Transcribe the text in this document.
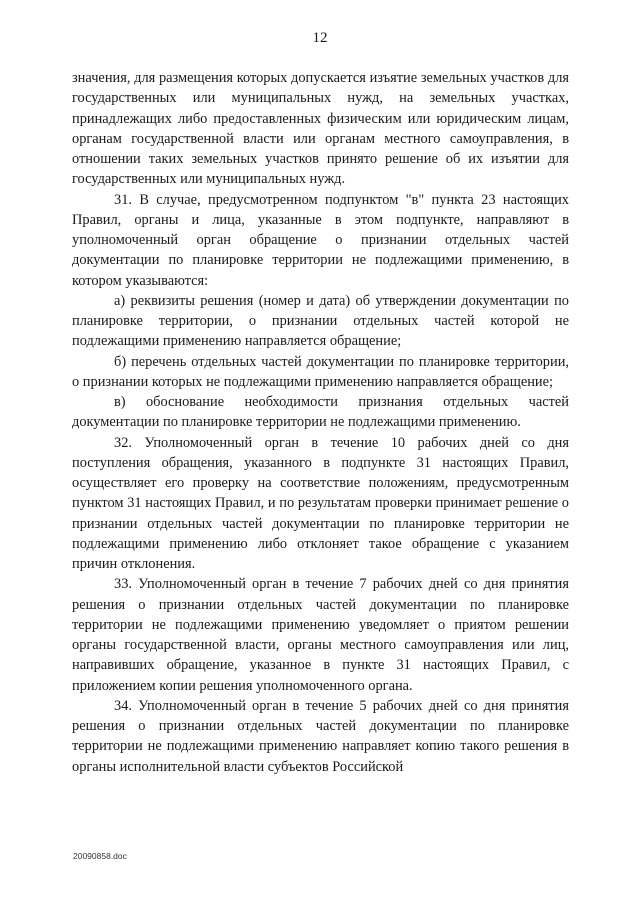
12

значения, для размещения которых допускается изъятие земельных участков для государственных или муниципальных нужд, на земельных участках, принадлежащих либо предоставленных физическим или юридическим лицам, органам государственной власти или органам местного самоуправления, в отношении таких земельных участков принято решение об их изъятии для государственных или муниципальных нужд.

31. В случае, предусмотренном подпунктом "в" пункта 23 настоящих Правил, органы и лица, указанные в этом подпункте, направляют в уполномоченный орган обращение о признании отдельных частей документации по планировке территории не подлежащими применению, в котором указываются:

а) реквизиты решения (номер и дата) об утверждении документации по планировке территории, о признании отдельных частей которой не подлежащими применению направляется обращение;

б) перечень отдельных частей документации по планировке территории, о признании которых не подлежащими применению направляется обращение;

в) обоснование необходимости признания отдельных частей документации по планировке территории не подлежащими применению.

32. Уполномоченный орган в течение 10 рабочих дней со дня поступления обращения, указанного в подпункте 31 настоящих Правил, осуществляет его проверку на соответствие положениям, предусмотренным пунктом 31 настоящих Правил, и по результатам проверки принимает решение о признании отдельных частей документации по планировке территории не подлежащими применению либо отклоняет такое обращение с указанием причин отклонения.

33. Уполномоченный орган в течение 7 рабочих дней со дня принятия решения о признании отдельных частей документации по планировке территории не подлежащими применению уведомляет о приятом решении органы государственной власти, органы местного самоуправления или лиц, направивших обращение, указанное в пункте 31 настоящих Правил, с приложением копии решения уполномоченного органа.

34. Уполномоченный орган в течение 5 рабочих дней со дня принятия решения о признании отдельных частей документации по планировке территории не подлежащими применению направляет копию такого решения в органы исполнительной власти субъектов Российской

20090858.doc
